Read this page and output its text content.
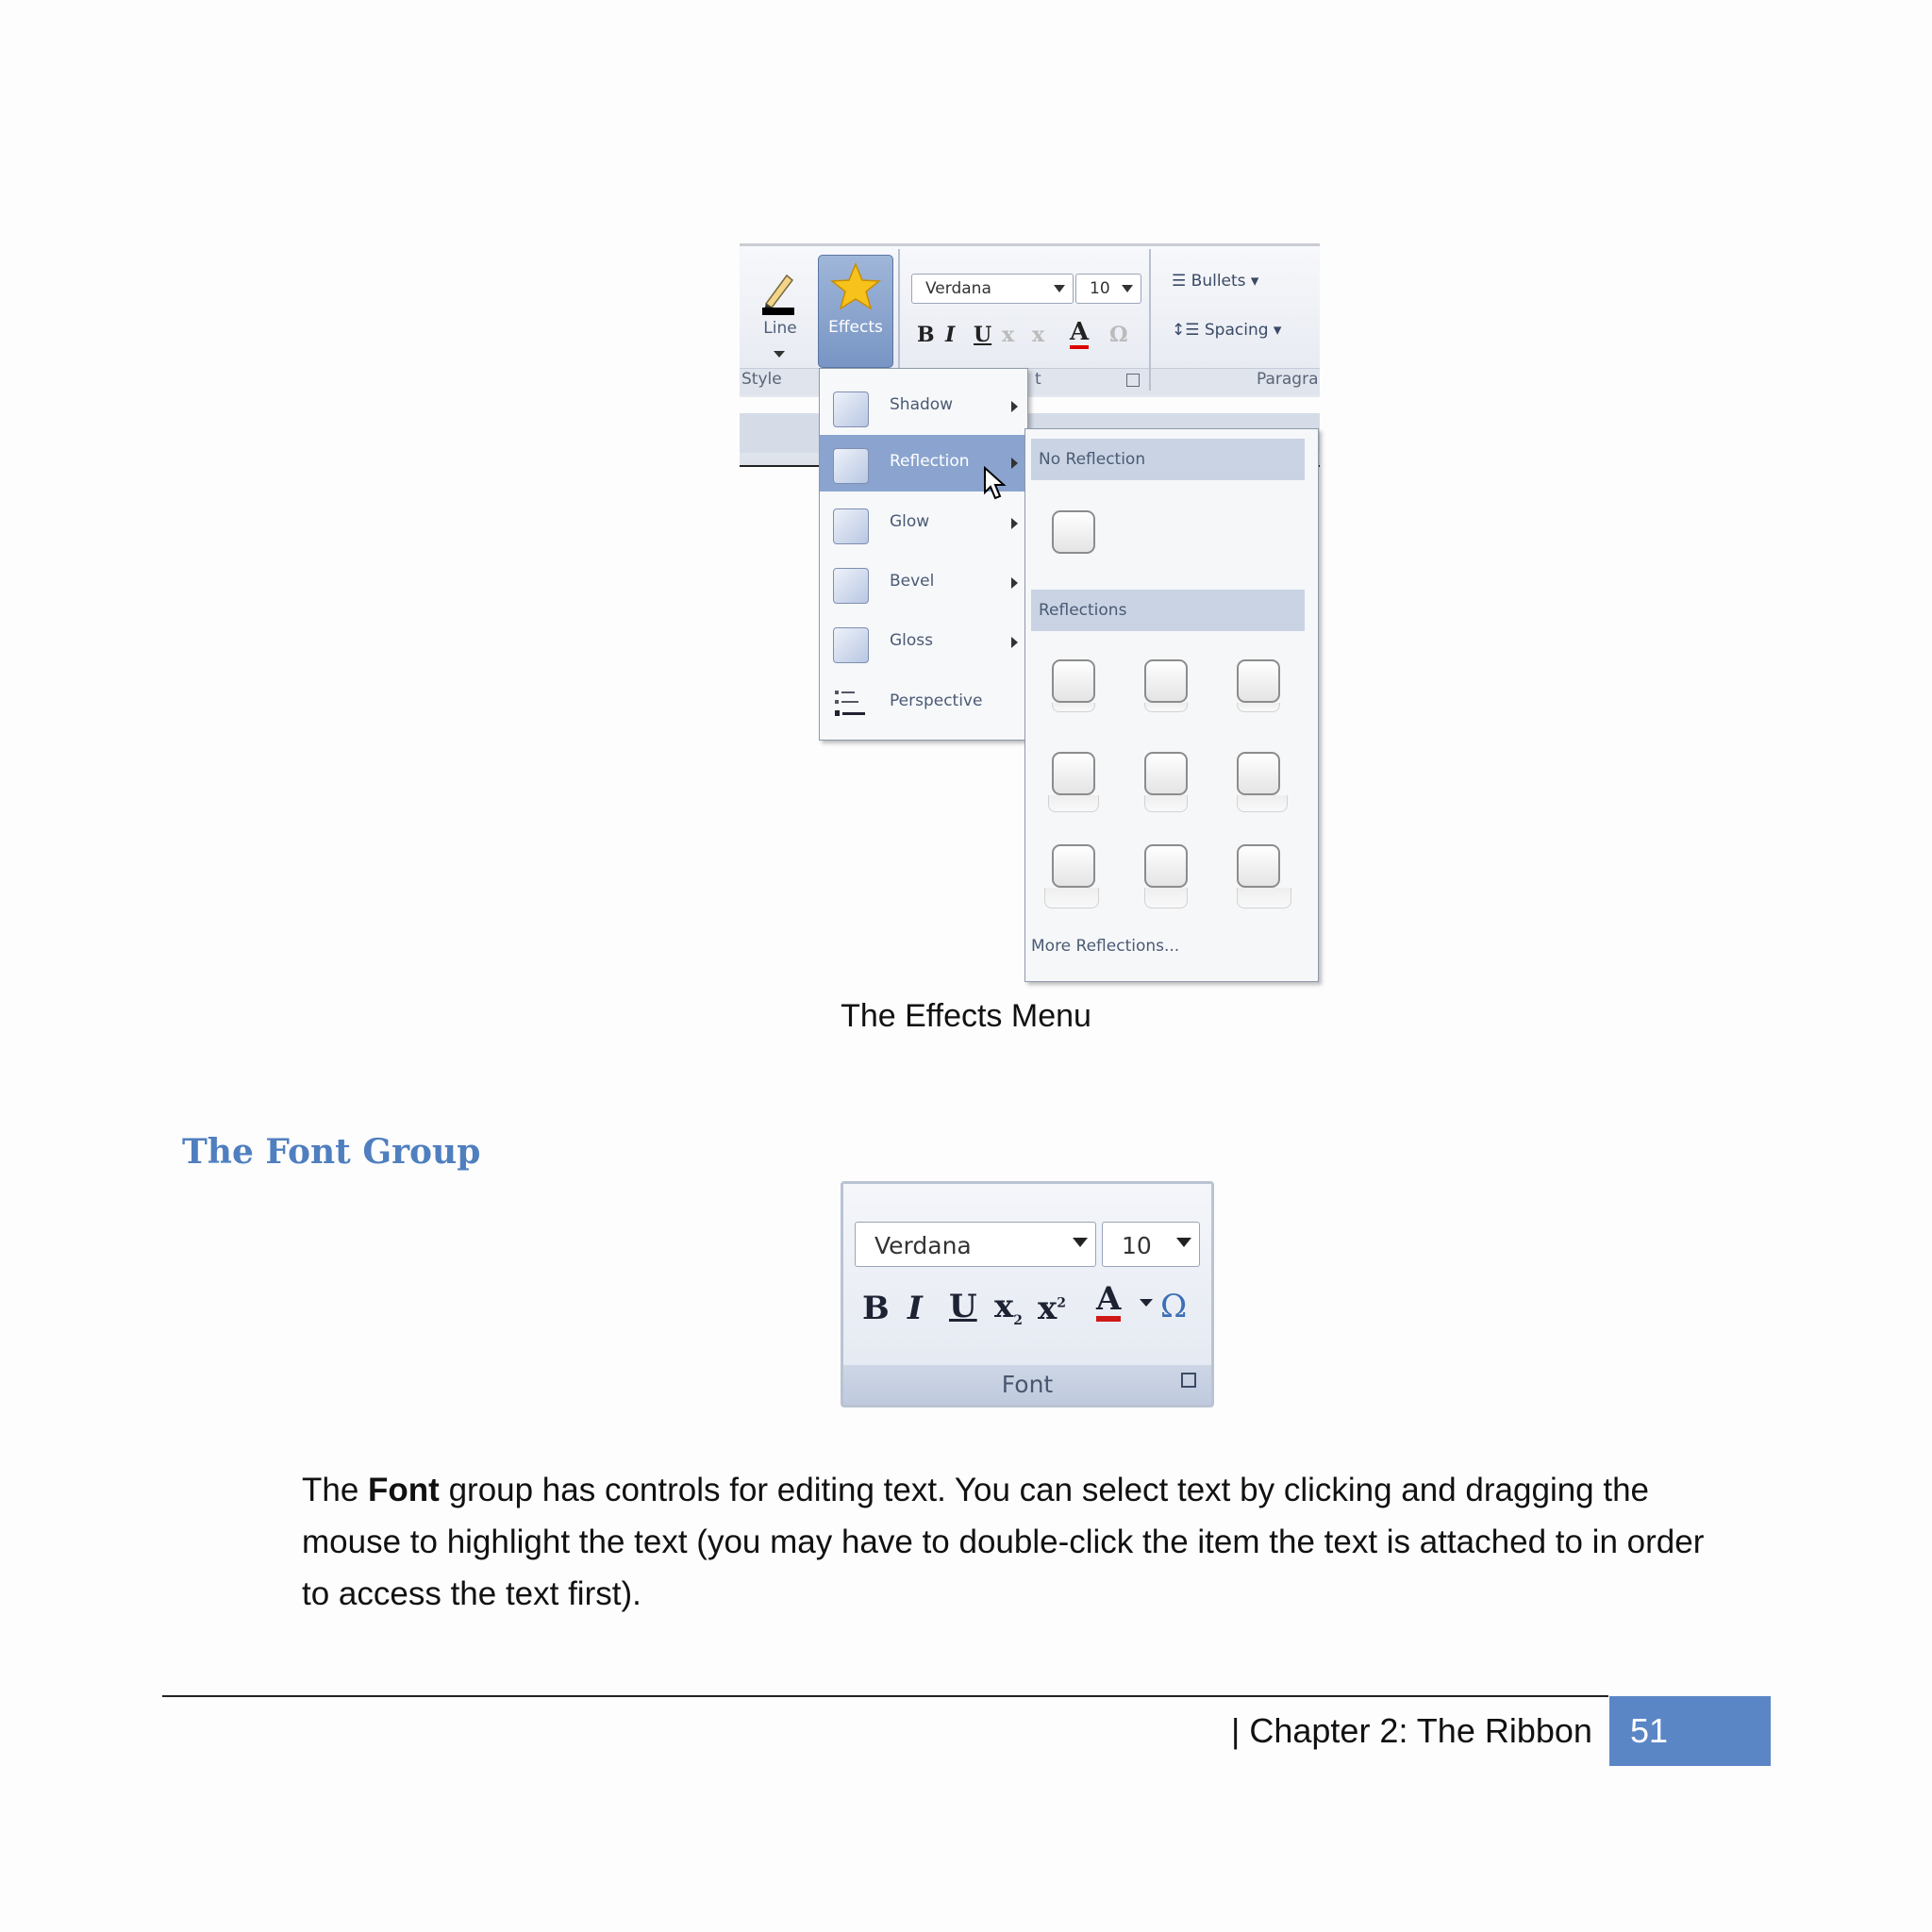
Line
Style
Effects
Verdana	10
B I U x x A Ω
t
☰ Bullets ▾
↕☰ Spacing ▾
Paragra
Shadow
Reflection
Glow
Bevel
Gloss
Perspective
No Reflection
Reflections
More Reflections...
The Effects Menu
The Font Group
Verdana	10
B I U $x_2$ $x^2$ A Ω
Font
The Font group has controls for editing text. You can select text by clicking and dragging the mouse to highlight the text (you may have to double-click the item the text is attached to in order to access the text first).
| Chapter 2: The Ribbon 51
